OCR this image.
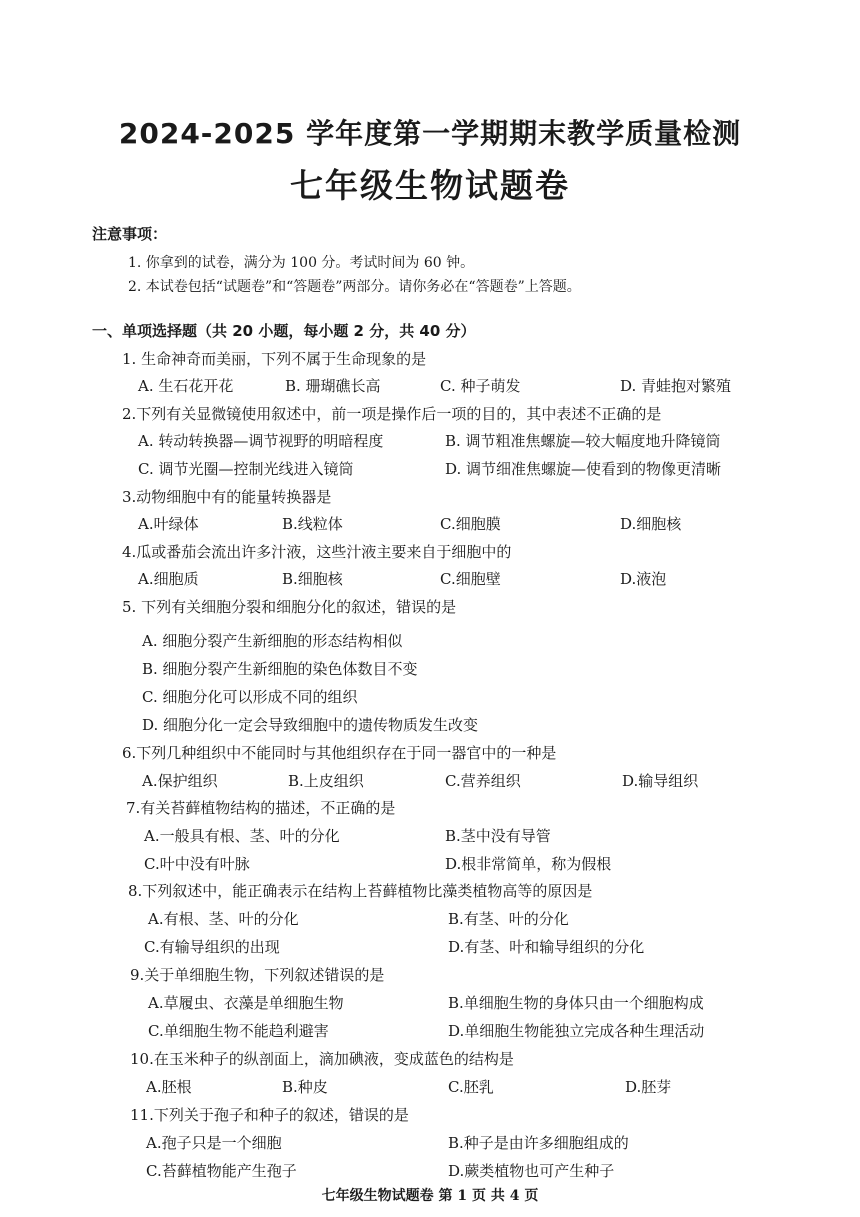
2024-2025 学年度第一学期期末教学质量检测
七年级生物试题卷
注意事项：
1. 你拿到的试卷，满分为 100 分。考试时间为 60 钟。
2. 本试卷包括“试题卷”和“答题卷”两部分。请你务必在“答题卷”上答题。
一、单项选择题（共 20 小题，每小题 2 分，共 40 分）
1. 生命神奇而美丽，下列不属于生命现象的是
A. 生石花开花	B. 珊瑚礁长高	C. 种子萌发	D. 青蛙抱对繁殖
2.下列有关显微镜使用叙述中，前一项是操作后一项的目的，其中表述不正确的是
A. 转动转换器—调节视野的明暗程度	B. 调节粗准焦螺旋—较大幅度地升降镜筒
C. 调节光圈—控制光线进入镜筒	D. 调节细准焦螺旋—使看到的物像更清晰
3.动物细胞中有的能量转换器是
A.叶绿体	B.线粒体	C.细胞膜	D.细胞核
4.瓜或番茄会流出许多汁液，这些汁液主要来自于细胞中的
A.细胞质	B.细胞核	C.细胞壁	D.液泡
5. 下列有关细胞分裂和细胞分化的叙述，错误的是
A. 细胞分裂产生新细胞的形态结构相似
B. 细胞分裂产生新细胞的染色体数目不变
C. 细胞分化可以形成不同的组织
D. 细胞分化一定会导致细胞中的遗传物质发生改变
6.下列几种组织中不能同时与其他组织存在于同一器官中的一种是
A.保护组织	B.上皮组织	C.营养组织	D.输导组织
7.有关苔藓植物结构的描述，不正确的是
A.一般具有根、茎、叶的分化	B.茎中没有导管
C.叶中没有叶脉	D.根非常简单，称为假根
8.下列叙述中，能正确表示在结构上苔藓植物比藻类植物高等的原因是
A.有根、茎、叶的分化	B.有茎、叶的分化
C.有输导组织的出现	D.有茎、叶和输导组织的分化
9.关于单细胞生物，下列叙述错误的是
A.草履虫、衣藻是单细胞生物	B.单细胞生物的身体只由一个细胞构成
C.单细胞生物不能趋利避害	D.单细胞生物能独立完成各种生理活动
10.在玉米种子的纵剖面上，滴加碘液，变成蓝色的结构是
A.胚根	B.种皮	C.胚乳	D.胚芽
11.下列关于孢子和种子的叙述，错误的是
A.孢子只是一个细胞	B.种子是由许多细胞组成的
C.苔藓植物能产生孢子	D.蕨类植物也可产生种子
七年级生物试题卷 第 1 页 共 4 页
